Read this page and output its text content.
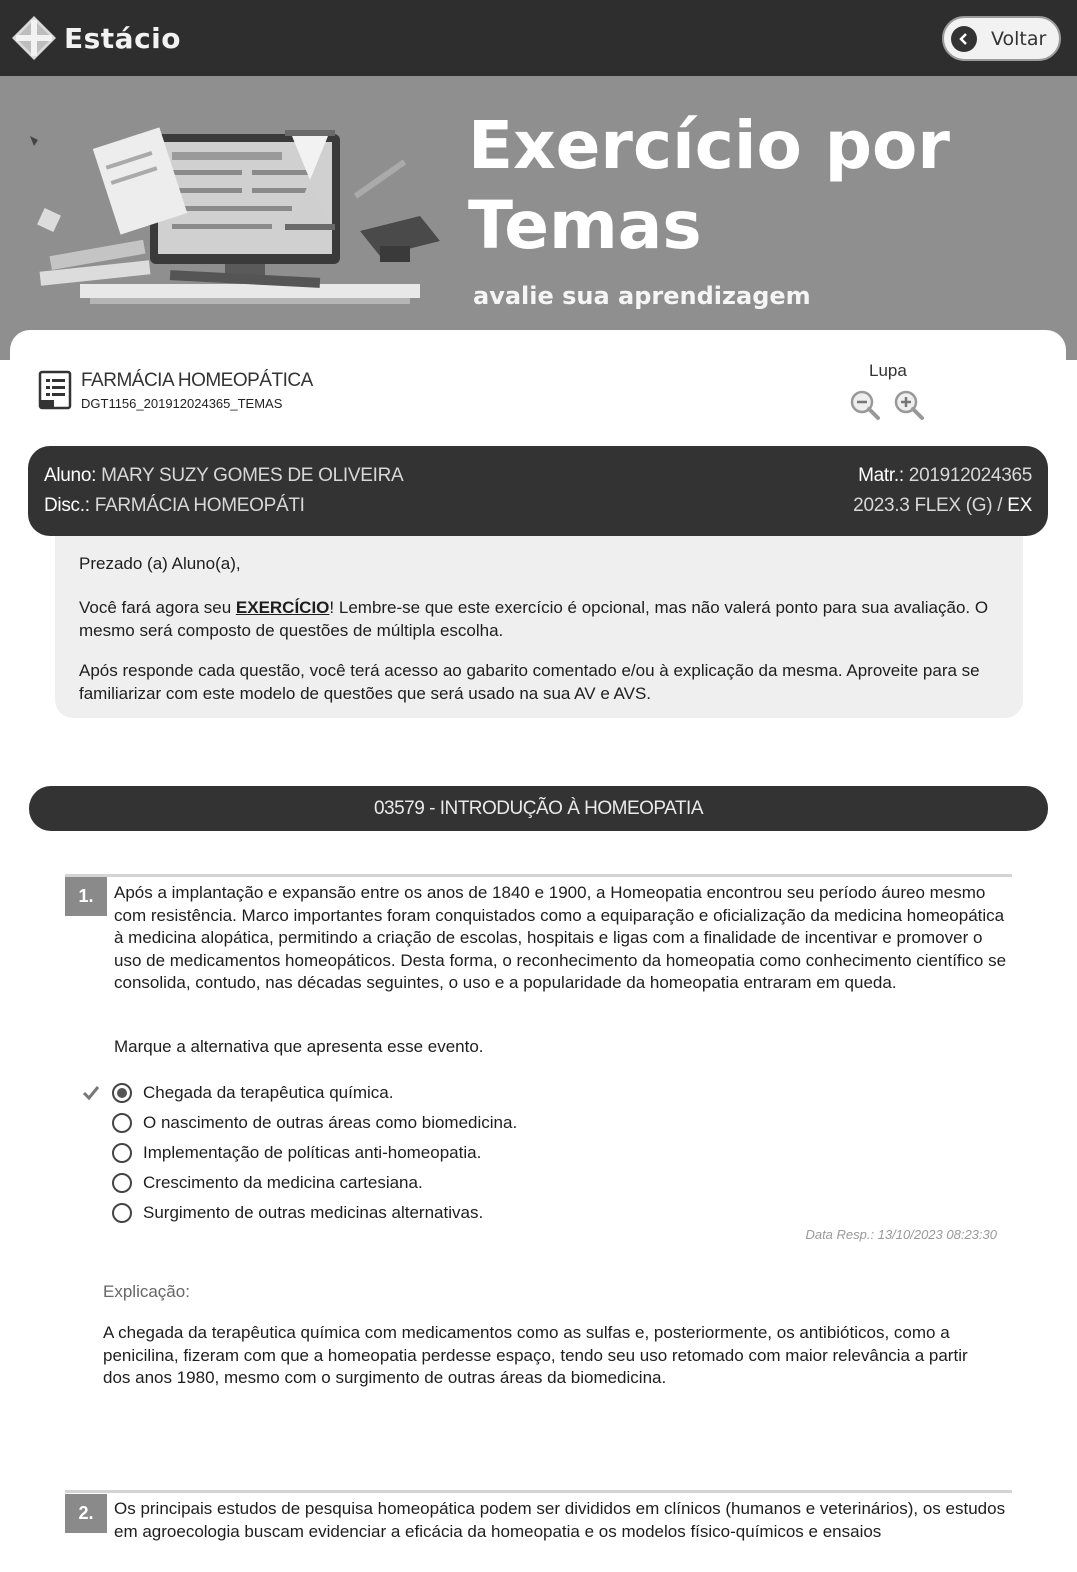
Estácio	Voltar
Exercício por
Temas
avalie sua aprendizagem
FARMÁCIA HOMEOPÁTICA
DGT1156_201912024365_TEMAS
Lupa
Aluno: MARY SUZY GOMES DE OLIVEIRA
Disc.: FARMÁCIA HOMEOPÁTI
Matr.: 201912024365
2023.3 FLEX (G) / EX

Prezado (a) Aluno(a),

Você fará agora seu EXERCÍCIO! Lembre-se que este exercício é opcional, mas não valerá ponto para sua avaliação. O mesmo será composto de questões de múltipla escolha.

Após responde cada questão, você terá acesso ao gabarito comentado e/ou à explicação da mesma. Aproveite para se familiarizar com este modelo de questões que será usado na sua AV e AVS.

03579 - INTRODUÇÃO À HOMEOPATIA
1.	Após a implantação e expansão entre os anos de 1840 e 1900, a Homeopatia encontrou seu período áureo mesmo com resistência. Marco importantes foram conquistados como a equiparação e oficialização da medicina homeopática à medicina alopática, permitindo a criação de escolas, hospitais e ligas com a finalidade de incentivar e promover o uso de medicamentos homeopáticos. Desta forma, o reconhecimento da homeopatia como conhecimento científico se consolida, contudo, nas décadas seguintes, o uso e a popularidade da homeopatia entraram em queda.
Marque a alternativa que apresenta esse evento.
Chegada da terapêutica química.
O nascimento de outras áreas como biomedicina.
Implementação de políticas anti-homeopatia.
Crescimento da medicina cartesiana.
Surgimento de outras medicinas alternativas.
Data Resp.: 13/10/2023 08:23:30
Explicação:
A chegada da terapêutica química com medicamentos como as sulfas e, posteriormente, os antibióticos, como a penicilina, fizeram com que a homeopatia perdesse espaço, tendo seu uso retomado com maior relevância a partir dos anos 1980, mesmo com o surgimento de outras áreas da biomedicina.
2.	Os principais estudos de pesquisa homeopática podem ser divididos em clínicos (humanos e veterinários), os estudos em agroecologia buscam evidenciar a eficácia da homeopatia e os modelos físico-químicos e ensaios
